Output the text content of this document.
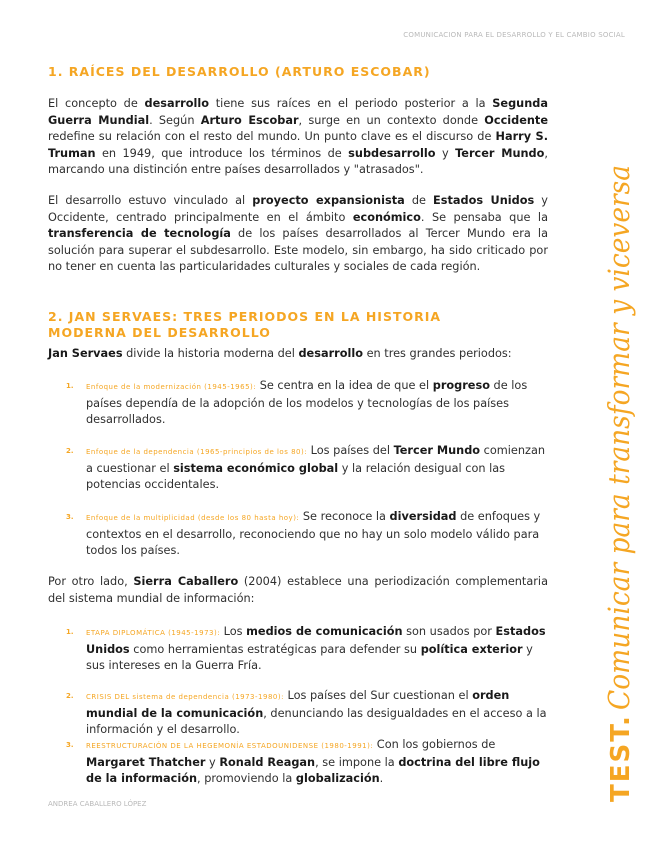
COMUNICACION PARA EL DESARROLLO Y EL CAMBIO SOCIAL
1. RAÍCES DEL DESARROLLO (ARTURO ESCOBAR)

El concepto de desarrollo tiene sus raíces en el periodo posterior a la Segunda Guerra Mundial. Según Arturo Escobar, surge en un contexto donde Occidente redefine su relación con el resto del mundo. Un punto clave es el discurso de Harry S. Truman en 1949, que introduce los términos de subdesarrollo y Tercer Mundo, marcando una distinción entre países desarrollados y "atrasados".

El desarrollo estuvo vinculado al proyecto expansionista de Estados Unidos y Occidente, centrado principalmente en el ámbito económico. Se pensaba que la transferencia de tecnología de los países desarrollados al Tercer Mundo era la solución para superar el subdesarrollo. Este modelo, sin embargo, ha sido criticado por no tener en cuenta las particularidades culturales y sociales de cada región.

2. JAN SERVAES: TRES PERIODOS EN LA HISTORIA
MODERNA DEL DESARROLLO

Jan Servaes divide la historia moderna del desarrollo en tres grandes periodos:

1.	Enfoque de la modernización (1945-1965): Se centra en la idea de que el progreso de los países dependía de la adopción de los modelos y tecnologías de los países desarrollados.
2.	Enfoque de la dependencia (1965-principios de los 80): Los países del Tercer Mundo comienzan a cuestionar el sistema económico global y la relación desigual con las potencias occidentales.
3.	Enfoque de la multiplicidad (desde los 80 hasta hoy): Se reconoce la diversidad de enfoques y contextos en el desarrollo, reconociendo que no hay un solo modelo válido para todos los países.

Por otro lado, Sierra Caballero (2004) establece una periodización complementaria del sistema mundial de información:

1.	ETAPA DIPLOMÁTICA (1945-1973): Los medios de comunicación son usados por Estados Unidos como herramientas estratégicas para defender su política exterior y sus intereses en la Guerra Fría.
2.	CRISIS DEL sistema de dependencia (1973-1980): Los países del Sur cuestionan el orden mundial de la comunicación, denunciando las desigualdades en el acceso a la información y el desarrollo.
3.	REESTRUCTURACIÓN DE LA HEGEMONÍA ESTADOUNIDENSE (1980-1991): Con los gobiernos de Margaret Thatcher y Ronald Reagan, se impone la doctrina del libre flujo de la información, promoviendo la globalización.
ANDREA CABALLERO LÓPEZ
TEST.
Comunicar para transformar y viceversa
